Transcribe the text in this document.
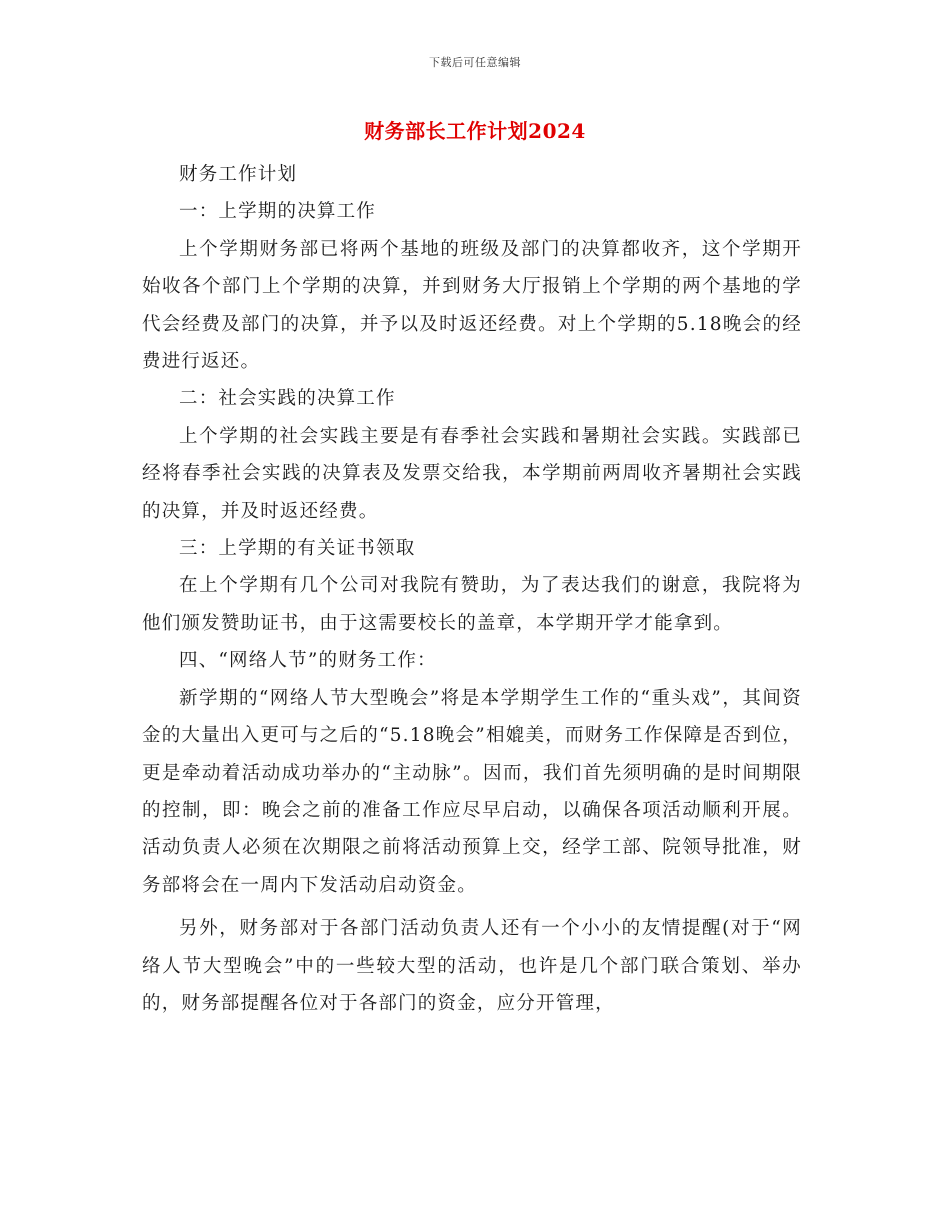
下载后可任意编辑
财务部长工作计划2024

财务工作计划

一：上学期的决算工作

上个学期财务部已将两个基地的班级及部门的决算都收齐，这个学期开始收各个部门上个学期的决算，并到财务大厅报销上个学期的两个基地的学代会经费及部门的决算，并予以及时返还经费。对上个学期的5.18晚会的经费进行返还。

二：社会实践的决算工作

上个学期的社会实践主要是有春季社会实践和暑期社会实践。实践部已经将春季社会实践的决算表及发票交给我，本学期前两周收齐暑期社会实践的决算，并及时返还经费。

三：上学期的有关证书领取

在上个学期有几个公司对我院有赞助，为了表达我们的谢意，我院将为他们颁发赞助证书，由于这需要校长的盖章，本学期开学才能拿到。

四、“网络人节”的财务工作：

新学期的“网络人节大型晚会”将是本学期学生工作的“重头戏”，其间资金的大量出入更可与之后的“5.18晚会”相媲美，而财务工作保障是否到位，更是牵动着活动成功举办的“主动脉”。因而，我们首先须明确的是时间期限的控制，即：晚会之前的准备工作应尽早启动，以确保各项活动顺利开展。活动负责人必须在次期限之前将活动预算上交，经学工部、院领导批准，财务部将会在一周内下发活动启动资金。

另外，财务部对于各部门活动负责人还有一个小小的友情提醒(对于“网络人节大型晚会”中的一些较大型的活动，也许是几个部门联合策划、举办的，财务部提醒各位对于各部门的资金，应分开管理，
